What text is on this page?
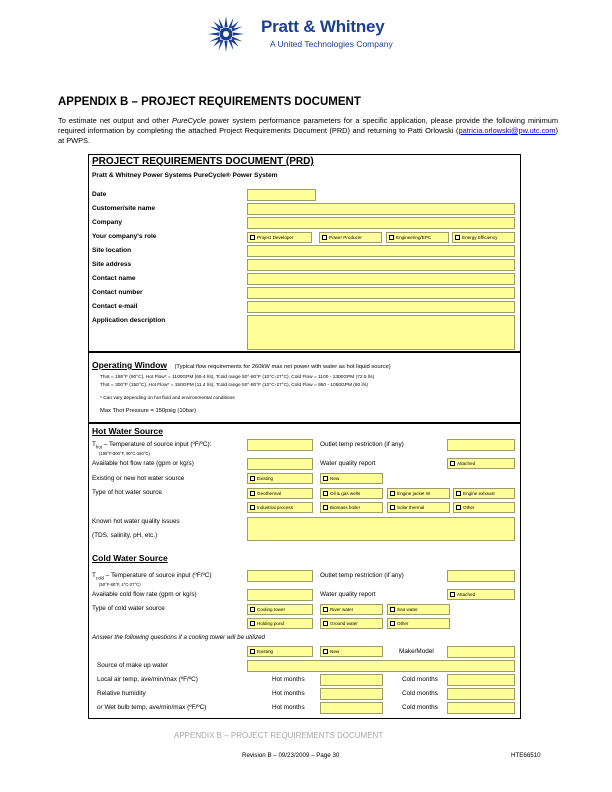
Pratt & Whitney
A United Technologies Company
APPENDIX B – PROJECT REQUIREMENTS DOCUMENT
To estimate net output and other PureCycle power system performance parameters for a specific application, please provide the following minimum required information by completing the attached Project Requirements Document (PRD) and returning to Patti Orlowski (patricia.orlowski@pw.utc.com) at PWPS.
PROJECT REQUIREMENTS DOCUMENT (PRD)
Pratt & Whitney Power Systems PureCycle® Power System
Date
Customer/site name
Company
Your company's role	Project Developer	Power Producer	Engineering/EPC	Energy Efficiency
Site location
Site address
Contact name
Contact number
Contact e-mail
Application description
Operating Window (Typical flow requirements for 260kW max net power with water as hot liquid source)
Thot = 195°F (90°C), Hot Flow* = 1100GPM (69.4 l/s), Tcold range 50°-80°F (10°C-27°C), Cold Flow = 1100 - 1300GPM (72.5 l/s)
Thot = 300°F (150°C), Hot Flow* = 150GPM (11.4 l/s), Tcold range 50°-80°F (10°C-27°C), Cold Flow = 950 - 1050GPM (60 l/s)
* Can vary depending on hot fluid and environmental conditions
Max Thot Pressure = 150psig (10bar)
Hot Water Source
$T_{hot}$ – Temperature of source input (ºF/ºC):
(195°F-300°F, 90°C-150°C)
Outlet temp restriction (if any)
Available hot flow rate (gpm or kg/s)	Water quality report	Attached
Existing or new hot water source	Existing	New
Type of hot water source	Geothermal	Oil & gas wells	Engine jacket W	Engine exhaust
Industrial process	Biomass boiler	Solar thermal	Other
Known hot water quality issues
(TDS, salinity, pH, etc.)
Cold Water Source
$T_{cold}$ – Temperature of source input (ºF/ºC)
(50°F-80°F, 4°C-27°C)
Outlet temp restriction (if any)
Available cold flow rate (gpm or kg/s)	Water quality report	Attached
Type of cold water source	Cooling tower	River water	Sea water
Holding pond	Ground water	Other
Answer the following questions if a cooling tower will be utilized
Existing	New	Make/Model
Source of make up water
Local air temp, ave/min/max (ºF/ºC)	Hot months	Cold months
Relative humidity	Hot months	Cold months
or Wet bulb temp, ave/min/max (ºF/ºC)	Hot months	Cold months
APPENDIX B – PROJECT REQUIREMENTS DOCUMENT
Revision B – 09/23/2009 – Page 30	HTE66510
